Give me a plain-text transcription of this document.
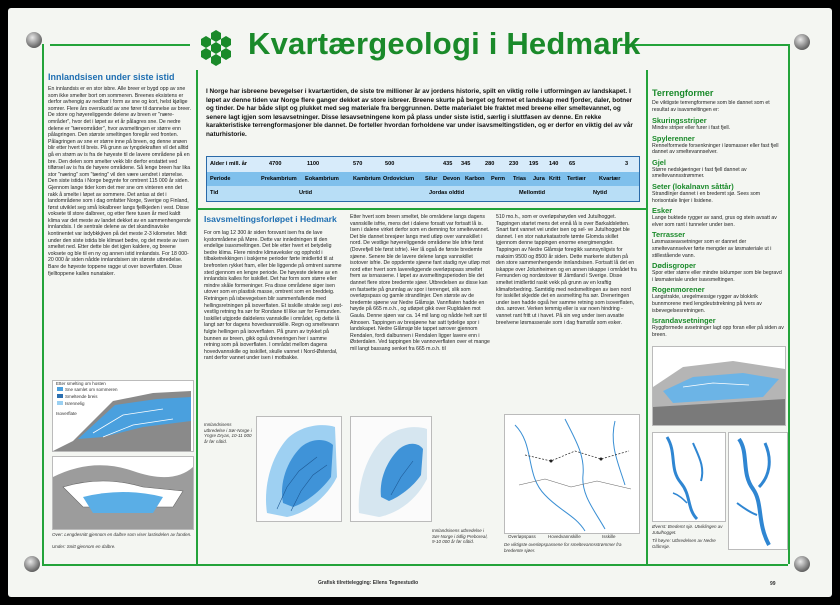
Kvartærgeologi i Hedmark
Innlandsisen under siste istid
En innlandsis er en stor isbre. Alle breer er bygd opp av sne som ikke smelter bort om sommeren. Breenes eksistens er derfor avhengig av nedbør i form av sne og kort, helst kjølige somrer. Flere års overskudd av sne fører til dannelse av breer. De store og høyereliggende delene av breen er "nære-områder", hvor det i løpet av et år pålagres sne. De nedre delene er "tæreområder", hvor avsmeltingen er større enn pålagringen. Den største smeltingen foregår ved fronten. Pålagringen av sne er større inne på breen, og denne snøen blir etter hvert til breis. På grunn av tyngdekraften vil det alltid gå en strøm av is fra de høyeste til de lavere områdene på en bre. Den delen som smelter vekk blir derfor erstattet ved tilførsel av is fra de høyere områdene. Så lenge breen har lika stor "næring" som "tæring" vil den være uendret i størrelse. Den siste istida i Norge begynte for omtrent 115 000 år siden. Gjennom lange tider kom det mer sne om vinteren enn det rakk å smelte i løpet av sommere. Det antas at det i landområdene som i dag omfatter Norge, Sverige og Finland, først utviklet seg små lokalbreer langs fjellkjeden i vest. Disse voksete til store dalbreer, og etter flere tusen år med kaldt klima var det meste av landet dekket av en sammenhengende innlandsis. I de sentrale delene av det skandinaviske kontinentet var isdybkkjiven på det meste 2-3 kilometer. Midt under den siste istida ble klimaet bedre, og det meste av isen smeltet ned. Etter dette ble det igjen kaldere, og breene voksete og ble til en ny og annen istid innlandsis. For 18 000-20 000 år siden nådde innlandsisen sin største utbredelse. Bare de høyeste toppene ragge ut over isoverflaten. Disse fjelltoppene kalles nunataker.
Etter smelting om hosten
Sne samlet om sommeren
Smeltende breis
Isrennelig
Isoverflate
Over: Lengdesnitt gjennom en dalbre som viser lastisdelen av fanden.
Under: Snitt gjennom en dalbre.
I Norge har isbreene bevegelser i kvartærtiden, de siste tre millioner år av jordens historie, spilt en viktig rolle i utformingen av landskapet. I løpet av denne tiden var Norge flere ganger dekket av store isbreer. Breene skurte på berget og formet et landskap med fjorder, daler, botner og tinder. De har både slipt og plukket med seg materiale fra berggrunnen. Dette materialet ble fraktet med breene eller smeltevannet, og senere lagt igjen som løsavsetninger. Disse løsavsetningene kom på plass under siste istid, særlig i sluttfasen av denne. En rekke karakteristiske terrengformasjoner ble dannet. De forteller hvordan forholdene var under isavsmeltingstiden, og er derfor en viktig del av vår naturhistorie.
Alder i mill. år	4700	1100	570	500	435 345	280	230 195 140 65	3
Periode	Prekambrium Eokambrium	Kambrium Ordovicium Silur Devon Karbon Perm Trias Jura Kritt Tertiær Kvartær
Tid	Urtid	Jordas oldtid	Mellomtid	Nytid
Isavsmeltingsforløpet i Hedmark
For om lag 12 300 år siden forsvant isen fra de lave kystområdene på Møre. Dette var innledningen til den endelige isavsmeltingen. Det ble etter hvert et betydelig bedre klima. Flere mindre klimaveksler og opphold i tilbaketrekkingen i isskjerne perioder førte imidlertid til at brefronten rykket fram, eller ble liggende på omtrent samme sted gjennom en lengre periode. De høyeste delene av en innlandsis kalles for isskillet. Det har form som større eller mindre skåle formeninger. Fra disse områdene siger isen utover som en plastisk masse, omtrent som en breddeig. Retningen på isbevegelsen blir sammenfallende med hellingsretningen på isoverflaten. Et isskille strakte seg i øst-vestlig retning fra sør for Rondane til like sør for Femunden. Isskillet utgjorde daldelens vannskille i området, og dette lå langt sør for dagens hovedvannskille. Regn og smeltevann fulgte hellingen på isoverflaten. På grunn av trykket på bunnen av breen, gikk også dreneringen her i samme retning som på isoverflaten. I områdst mellom dagens hovedvannskille og isskillet, skulle vannet i Nord-Østerdal, rant derfor vannet under isen i motbakke.
Etter hvert som breen smeltet, ble områdene langs dagens vannskille isfrie, mens det i dalene forsatt var fortsatt lå is. Isen i dalene virket derfor som en demning for smeltevannet. Det ble dannet bresjøer langs med utløp over vannskillet i nord. De vestlige høyereliggende områdene ble isfrie først (Dovrefjell ble først isfrie). Her lå også de første bredemte sjøene. Senere ble de lavere delene langs vannskillet isotover isfrie. De oppdemte sjøene fant stadig nye utløp mot nord etter hvert som lavereliggende overløpspass smeltet frem av isrnassene. I løpet av avsmeltingsperioden ble det dannet flere store bredemte sjøer. Utbredelsen av disse kan en fastsette på grunnlag av spor i terrenget, slik som overløpspass og gamle strandlinjer. Den største av de bredemte sjøene var Nedre Glåmsjø. Vannflaten hadde en høyde på 665 m.o.h., og utløpet gikk over Rugldalen mot Gaula. Denne sjøen var ca. 14 mil lang og nådde helt sør til Atnosen. Tappingen av bresjøene har satt tydelige spor i landskapet. Nedre Glåmsjø ble tappet sørover gjennom Rendalen, fordi dalbunnen i Rendalen ligger lavere enn i Østerdalen. Ved tappingen ble vannoverflaten over et mange mil langt bassang senket fra 665 m.o.h. til
510 mo.h., som er overløpshøyden ved Jutulhogget. Tappingen startet mens det ennå lå is over Barkaldsletten. Snart fant vannet vei under isen og sel- ve Jutulhogget ble dannet. I en stor naturkatastrofe tømte Glomda skillet igjennom denne tappingen enorme energimengder. Tappingen av Nedre Glåmsjø foregikk sannsynligvis for maksim 9500 og 8500 år siden. Dette markerte slutten på den store sammenhengende innlandsisen. Fortsatt lå det en iskappe over Jotunheimen og en annen iskappe i området fra Femunden og nordøstover til Jämtland i Sverige. Disse smeltet imidlertid raskt vekk på grunn av en kraftig klimaforbedring. Samtidig med nedsmeltingen av isen nord for isskillet skjedde det en avsmelting fra sør. Dreneringen under isen hadde også her samme retning som isoverflaten, dvs. sørover. Verken temmig eller is var noen hindring - vannet rant fritt ut i havet. På sin veg under isen avsatte breelvene løsmasserale som i dag framstår som esker.
Innlandsisens utbredelse i Sør-Norge i Yngre Dryas, 10-11 000 år før nåtid.
Innlandsisens utbredelse i Sør-Norge i tidlig Preboreal, 9-10 000 år før nåtid.
Overløpspass	Hovedvannskille	Isskille
De viktigste overløpspassene for smeltevannsstrømmer fra bredemte sjøer.
Terrengformer
De viktigste terrengformene som ble dannet som et resultat av isavsmeltingen er:
Skuringsstriper
Mindre striper eller furer i fast fjell.
Spylerenner
Rennelformede forsenkninger i løsmasser eller fast fjell dannet av smeltevannselver.
Gjel
Større nedskjæringer i fast fjell dannet av smeltevannsstrømmer.
Seter (lokalnavn såttår)
Strandlinjer dannet i en bredemt sjø. Sees som horisontale linjer i lisidene.
Esker
Lange buktede rygger av sand, grus og stein avsatt av elver som rant i tunneler under isen.
Terrasser
Løsmasseavsetninger som er dannet der smeltevannselver førte mengder av løsmateriale ut i stillestående vann.
Dødisgroper
Spor etter større eller mindre isklumper som ble begravd i løsmateriale under isavsmeltingen.
Rogenmorener
Langstrakte, uregelmessige rygger av blokkrik bunnmorene med lengdeutstrekning på tvers av isbevegelsesretningen.
Israndavsetninger
Ryggformede avsetninger lagt opp foran eller på siden av breen.
Øverst: Bredemt sjø. Utviklingen av Jutulhogget.
Til høyre: Utbredelsen av Nedre Glåmsjø.
Grafisk tilrettelegging: Ellens Tegnestudio	99
